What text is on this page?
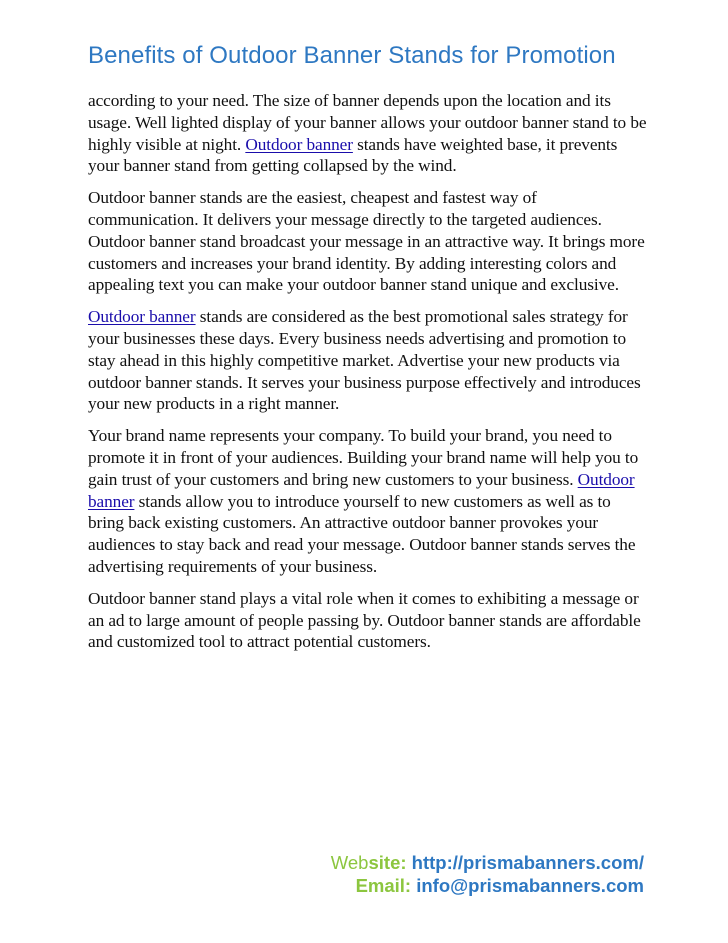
Benefits of Outdoor Banner Stands for Promotion

according to your need. The size of banner depends upon the location and its usage. Well lighted display of your banner allows your outdoor banner stand to be highly visible at night. Outdoor banner stands have weighted base, it prevents your banner stand from getting collapsed by the wind.

Outdoor banner stands are the easiest, cheapest and fastest way of communication. It delivers your message directly to the targeted audiences. Outdoor banner stand broadcast your message in an attractive way. It brings more customers and increases your brand identity. By adding interesting colors and appealing text you can make your outdoor banner stand unique and exclusive.

Outdoor banner stands are considered as the best promotional sales strategy for your businesses these days. Every business needs advertising and promotion to stay ahead in this highly competitive market. Advertise your new products via outdoor banner stands. It serves your business purpose effectively and introduces your new products in a right manner.

Your brand name represents your company. To build your brand, you need to promote it in front of your audiences. Building your brand name will help you to gain trust of your customers and bring new customers to your business. Outdoor banner stands allow you to introduce yourself to new customers as well as to bring back existing customers. An attractive outdoor banner provokes your audiences to stay back and read your message. Outdoor banner stands serves the advertising requirements of your business.

Outdoor banner stand plays a vital role when it comes to exhibiting a message or an ad to large amount of people passing by. Outdoor banner stands are affordable and customized tool to attract potential customers.

Website: http://prismabanners.com/
Email: info@prismabanners.com
